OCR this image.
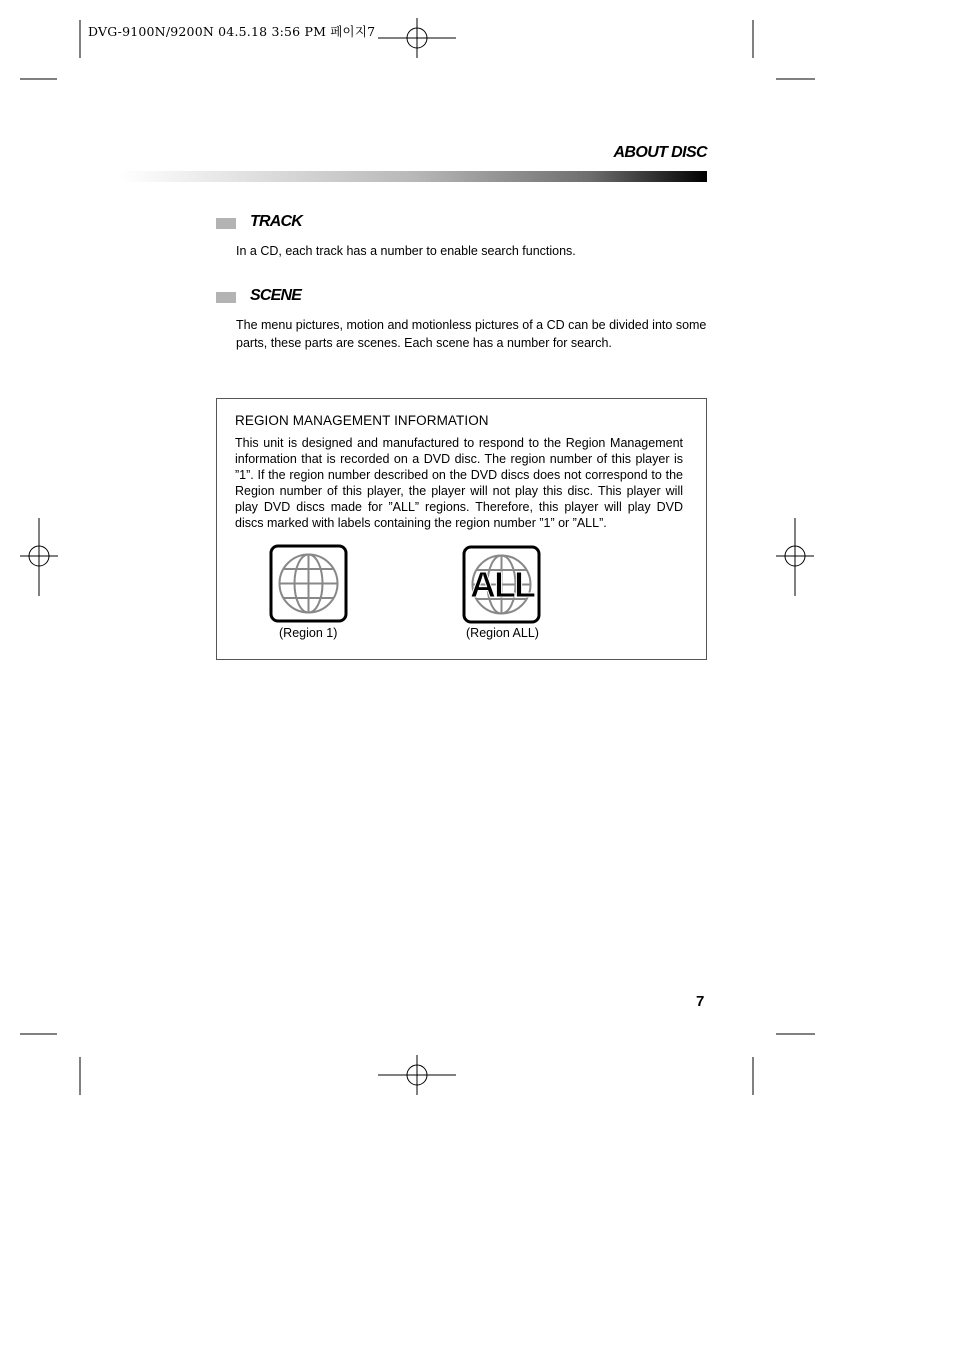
DVG-9100N/9200N 04.5.18 3:56 PM 페이지7
ABOUT DISC
TRACK
In a CD, each track has a number to enable search functions.
SCENE
The menu pictures, motion and motionless pictures of a CD can be divided into some parts, these parts are scenes. Each scene has a number for search.
REGION MANAGEMENT INFORMATION
This unit is designed and manufactured to respond to the Region Management information that is recorded on a DVD disc. The region number of this player is ”1”. If the region number described on the DVD discs does not correspond to the Region number of this player, the player will not play this disc. This player will play DVD discs made for ”ALL” regions. Therefore, this player will play DVD discs marked with labels containing the region number ”1” or ”ALL”.
(Region 1)
ALL
(Region ALL)
7
